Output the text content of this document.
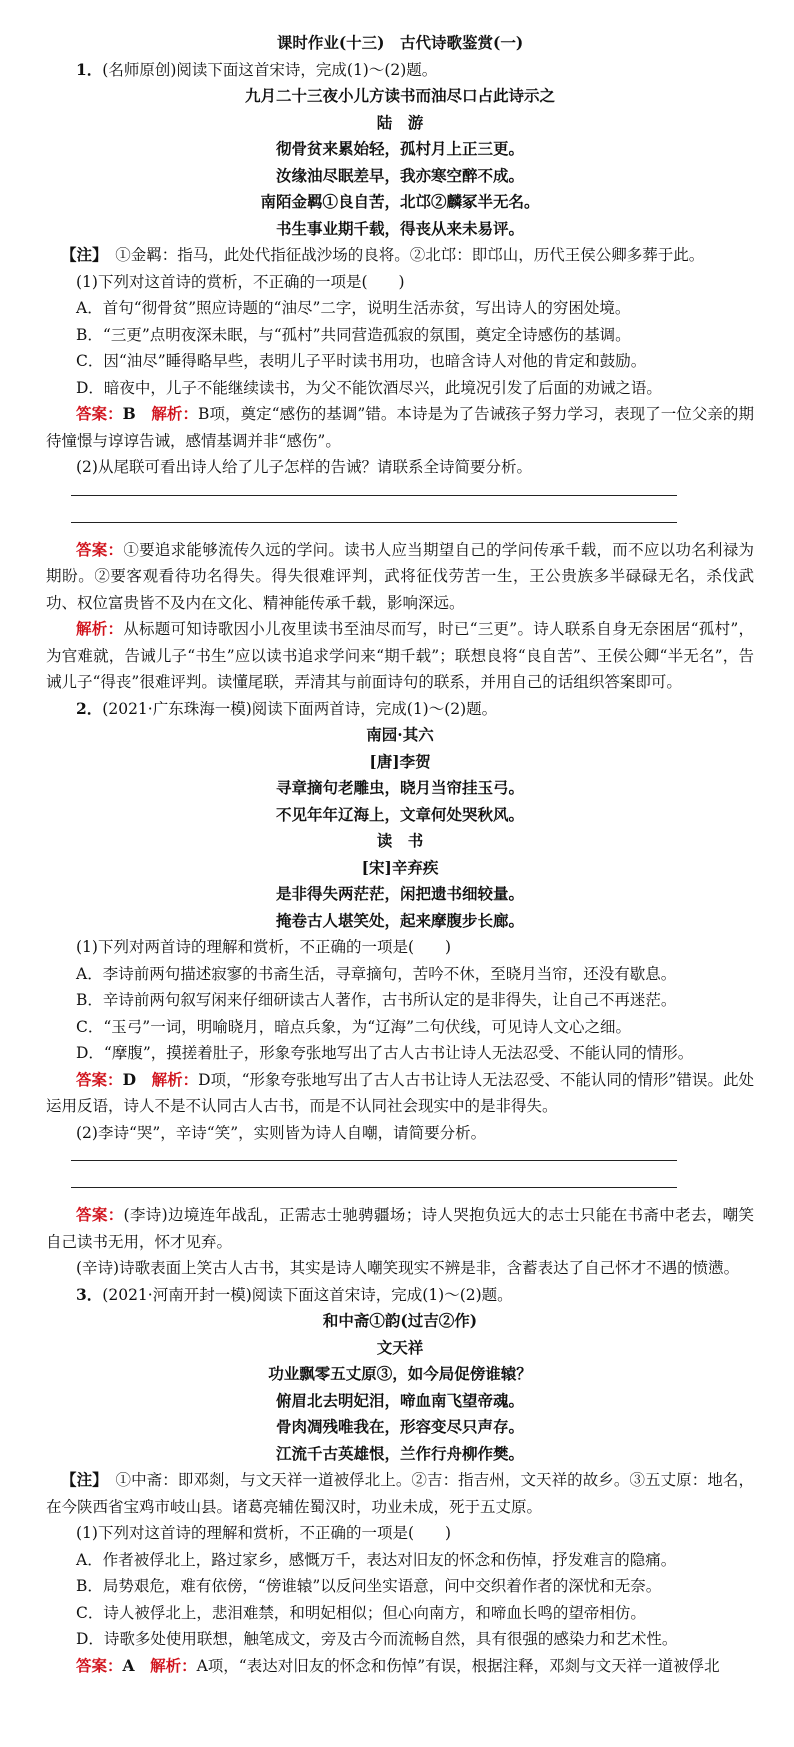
课时作业(十三)　古代诗歌鉴赏(一)

1．(名师原创)阅读下面这首宋诗，完成(1)～(2)题。

九月二十三夜小儿方读书而油尽口占此诗示之

陆　游

彻骨贫来累始轻，孤村月上正三更。

汝缘油尽眠差早，我亦寒空醉不成。

南陌金羁①良自苦，北邙②麟冢半无名。

书生事业期千载，得丧从来未易评。

【注】　 ①金羁：指马，此处代指征战沙场的良将。②北邙：即邙山，历代王侯公卿多葬于此。

(1)下列对这首诗的赏析，不正确的一项是(　　)

A．首句“彻骨贫”照应诗题的“油尽”二字，说明生活赤贫，写出诗人的穷困处境。

B．“三更”点明夜深未眠，与“孤村”共同营造孤寂的氛围，奠定全诗感伤的基调。

C．因“油尽”睡得略早些，表明儿子平时读书用功，也暗含诗人对他的肯定和鼓励。

D．暗夜中，儿子不能继续读书，为父不能饮酒尽兴，此境况引发了后面的劝诫之语。

答案：B　 解析：B项，奠定“感伤的基调”错。本诗是为了告诫孩子努力学习，表现了一位父亲的期待憧憬与谆谆告诫，感情基调并非“感伤”。

(2)从尾联可看出诗人给了儿子怎样的告诫？请联系全诗简要分析。

答案：①要追求能够流传久远的学问。读书人应当期望自己的学问传承千载，而不应以功名利禄为期盼。②要客观看待功名得失。得失很难评判，武将征伐劳苦一生，王公贵族多半碌碌无名，杀伐武功、权位富贵皆不及内在文化、精神能传承千载，影响深远。

解析：从标题可知诗歌因小儿夜里读书至油尽而写，时已“三更”。诗人联系自身无奈困居“孤村”，为官难就，告诫儿子“书生”应以读书追求学问来“期千载”；联想良将“良自苦”、王侯公卿“半无名”，告诫儿子“得丧”很难评判。读懂尾联，弄清其与前面诗句的联系，并用自己的话组织答案即可。

2．(2021·广东珠海一模)阅读下面两首诗，完成(1)～(2)题。

南园·其六

[唐]李贺

寻章摘句老雕虫，晓月当帘挂玉弓。

不见年年辽海上，文章何处哭秋风。

读　书

[宋]辛弃疾

是非得失两茫茫，闲把遗书细较量。

掩卷古人堪笑处，起来摩腹步长廊。

(1)下列对两首诗的理解和赏析，不正确的一项是(　　)

A．李诗前两句描述寂寥的书斋生活，寻章摘句，苦吟不休，至晓月当帘，还没有歇息。

B．辛诗前两句叙写闲来仔细研读古人著作，古书所认定的是非得失，让自己不再迷茫。

C．“玉弓”一词，明喻晓月，暗点兵象，为“辽海”二句伏线，可见诗人文心之细。

D．“摩腹”，摸搓着肚子，形象夸张地写出了古人古书让诗人无法忍受、不能认同的情形。

答案：D　 解析：D项，“形象夸张地写出了古人古书让诗人无法忍受、不能认同的情形”错误。此处运用反语，诗人不是不认同古人古书，而是不认同社会现实中的是非得失。

(2)李诗“哭”，辛诗“笑”，实则皆为诗人自嘲，请简要分析。

答案：(李诗)边境连年战乱，正需志士驰骋疆场；诗人哭抱负远大的志士只能在书斋中老去，嘲笑自己读书无用，怀才见弃。

(辛诗)诗歌表面上笑古人古书，其实是诗人嘲笑现实不辨是非，含蓄表达了自己怀才不遇的愤懑。

3．(2021·河南开封一模)阅读下面这首宋诗，完成(1)～(2)题。

和中斋①韵(过吉②作)

文天祥

功业飘零五丈原③，如今局促傍谁辕？

俯眉北去明妃泪，啼血南飞望帝魂。

骨肉凋残唯我在，形容变尽只声存。

江流千古英雄恨，兰作行舟柳作樊。

【注】　 ①中斋：即邓剡，与文天祥一道被俘北上。②吉：指吉州，文天祥的故乡。③五丈原：地名，在今陕西省宝鸡市岐山县。诸葛亮辅佐蜀汉时，功业未成，死于五丈原。

(1)下列对这首诗的理解和赏析，不正确的一项是(　　)

A．作者被俘北上，路过家乡，感慨万千，表达对旧友的怀念和伤悼，抒发难言的隐痛。

B．局势艰危，难有依傍，“傍谁辕”以反问坐实语意，问中交织着作者的深忧和无奈。

C．诗人被俘北上，悲泪难禁，和明妃相似；但心向南方，和啼血长鸣的望帝相仿。

D．诗歌多处使用联想，触笔成文，旁及古今而流畅自然，具有很强的感染力和艺术性。

答案：A　 解析：A项，“表达对旧友的怀念和伤悼”有误，根据注释，邓剡与文天祥一道被俘北
